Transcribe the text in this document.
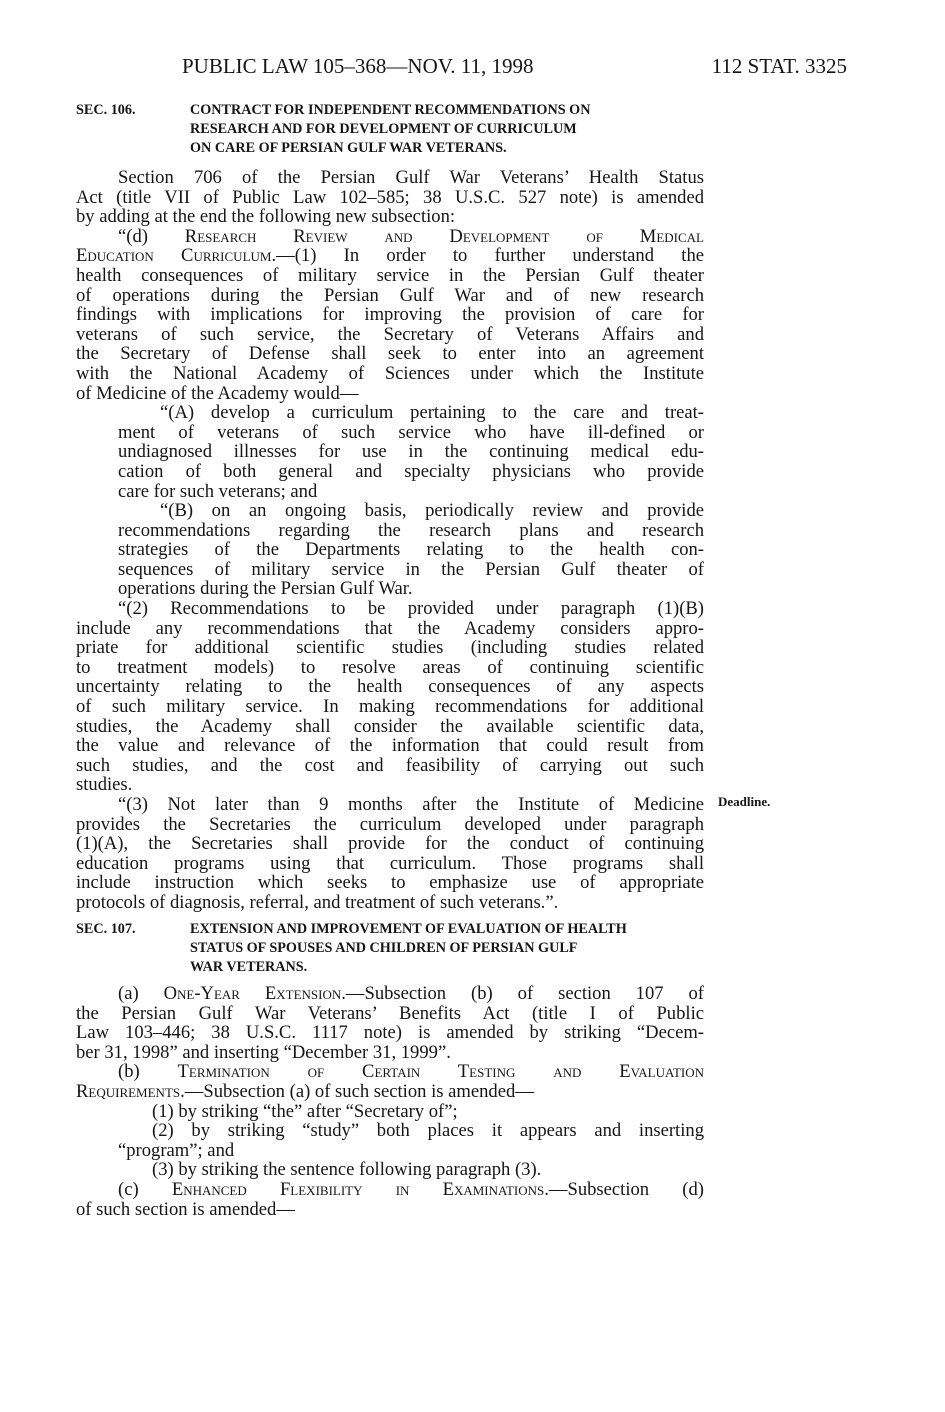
PUBLIC LAW 105–368—NOV. 11, 1998	112 STAT. 3325
SEC. 106.	CONTRACT FOR INDEPENDENT RECOMMENDATIONS ON
RESEARCH AND FOR DEVELOPMENT OF CURRICULUM
ON CARE OF PERSIAN GULF WAR VETERANS.
Section 706 of the Persian Gulf War Veterans’ Health Status
Act (title VII of Public Law 102–585; 38 U.S.C. 527 note) is amended
by adding at the end the following new subsection:
“(d) Research Review and Development of Medical
Education Curriculum.—(1) In order to further understand the
health consequences of military service in the Persian Gulf theater
of operations during the Persian Gulf War and of new research
findings with implications for improving the provision of care for
veterans of such service, the Secretary of Veterans Affairs and
the Secretary of Defense shall seek to enter into an agreement
with the National Academy of Sciences under which the Institute
of Medicine of the Academy would—
“(A) develop a curriculum pertaining to the care and treat-
ment of veterans of such service who have ill-defined or
undiagnosed illnesses for use in the continuing medical edu-
cation of both general and specialty physicians who provide
care for such veterans; and
“(B) on an ongoing basis, periodically review and provide
recommendations regarding the research plans and research
strategies of the Departments relating to the health con-
sequences of military service in the Persian Gulf theater of
operations during the Persian Gulf War.
“(2) Recommendations to be provided under paragraph (1)(B)
include any recommendations that the Academy considers appro-
priate for additional scientific studies (including studies related
to treatment models) to resolve areas of continuing scientific
uncertainty relating to the health consequences of any aspects
of such military service. In making recommendations for additional
studies, the Academy shall consider the available scientific data,
the value and relevance of the information that could result from
such studies, and the cost and feasibility of carrying out such
studies.
“(3) Not later than 9 months after the Institute of Medicine
provides the Secretaries the curriculum developed under paragraph
(1)(A), the Secretaries shall provide for the conduct of continuing
education programs using that curriculum. Those programs shall
include instruction which seeks to emphasize use of appropriate
protocols of diagnosis, referral, and treatment of such veterans.”.
Deadline.
SEC. 107.	EXTENSION AND IMPROVEMENT OF EVALUATION OF HEALTH
STATUS OF SPOUSES AND CHILDREN OF PERSIAN GULF
WAR VETERANS.
(a) One-Year Extension.—Subsection (b) of section 107 of
the Persian Gulf War Veterans’ Benefits Act (title I of Public
Law 103–446; 38 U.S.C. 1117 note) is amended by striking “Decem-
ber 31, 1998” and inserting “December 31, 1999”.
(b) Termination of Certain Testing and Evaluation
Requirements.—Subsection (a) of such section is amended—
(1) by striking “the” after “Secretary of”;
(2) by striking “study” both places it appears and inserting
“program”; and
(3) by striking the sentence following paragraph (3).
(c) Enhanced Flexibility in Examinations.—Subsection (d)
of such section is amended—
